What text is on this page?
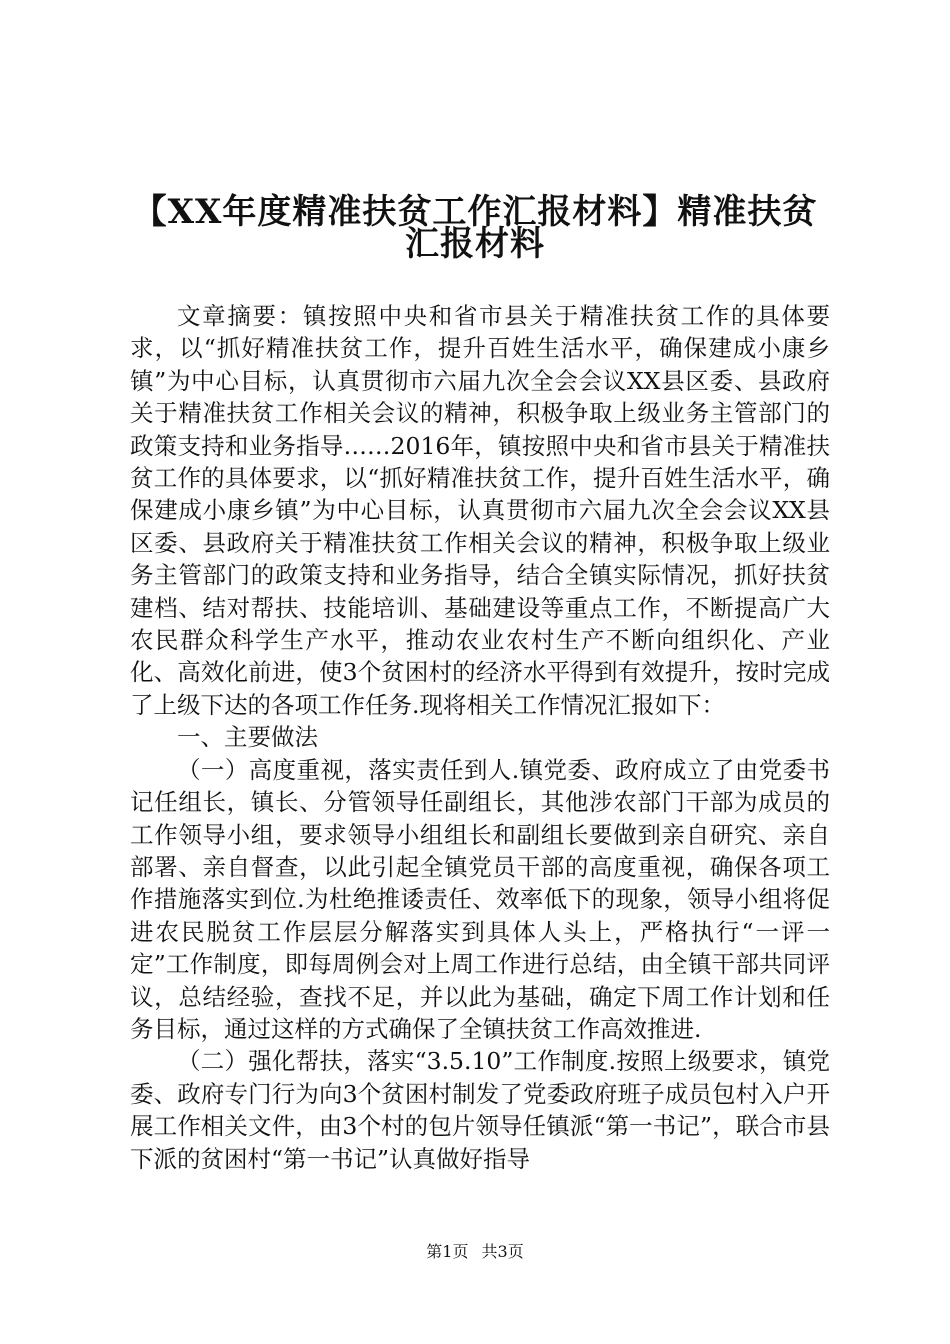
【XX年度精准扶贫工作汇报材料】精准扶贫
汇报材料

文章摘要：镇按照中央和省市县关于精准扶贫工作的具体要求，以“抓好精准扶贫工作，提升百姓生活水平，确保建成小康乡镇”为中心目标，认真贯彻市六届九次全会会议XX县区委、县政府关于精准扶贫工作相关会议的精神，积极争取上级业务主管部门的政策支持和业务指导……2016年，镇按照中央和省市县关于精准扶贫工作的具体要求，以“抓好精准扶贫工作，提升百姓生活水平，确保建成小康乡镇”为中心目标，认真贯彻市六届九次全会会议XX县区委、县政府关于精准扶贫工作相关会议的精神，积极争取上级业务主管部门的政策支持和业务指导，结合全镇实际情况，抓好扶贫建档、结对帮扶、技能培训、基础建设等重点工作，不断提高广大农民群众科学生产水平，推动农业农村生产不断向组织化、产业化、高效化前进，使3个贫困村的经济水平得到有效提升，按时完成了上级下达的各项工作任务.现将相关工作情况汇报如下：

一、主要做法

（一）高度重视，落实责任到人.镇党委、政府成立了由党委书记任组长，镇长、分管领导任副组长，其他涉农部门干部为成员的工作领导小组，要求领导小组组长和副组长要做到亲自研究、亲自部署、亲自督查，以此引起全镇党员干部的高度重视，确保各项工作措施落实到位.为杜绝推诿责任、效率低下的现象，领导小组将促进农民脱贫工作层层分解落实到具体人头上，严格执行“一评一定”工作制度，即每周例会对上周工作进行总结，由全镇干部共同评议，总结经验，查找不足，并以此为基础，确定下周工作计划和任务目标，通过这样的方式确保了全镇扶贫工作高效推进.

（二）强化帮扶，落实“3.5.10”工作制度.按照上级要求，镇党委、政府专门行为向3个贫困村制发了党委政府班子成员包村入户开展工作相关文件，由3个村的包片领导任镇派“第一书记”，联合市县下派的贫困村“第一书记”认真做好指导

第1页 共3页
